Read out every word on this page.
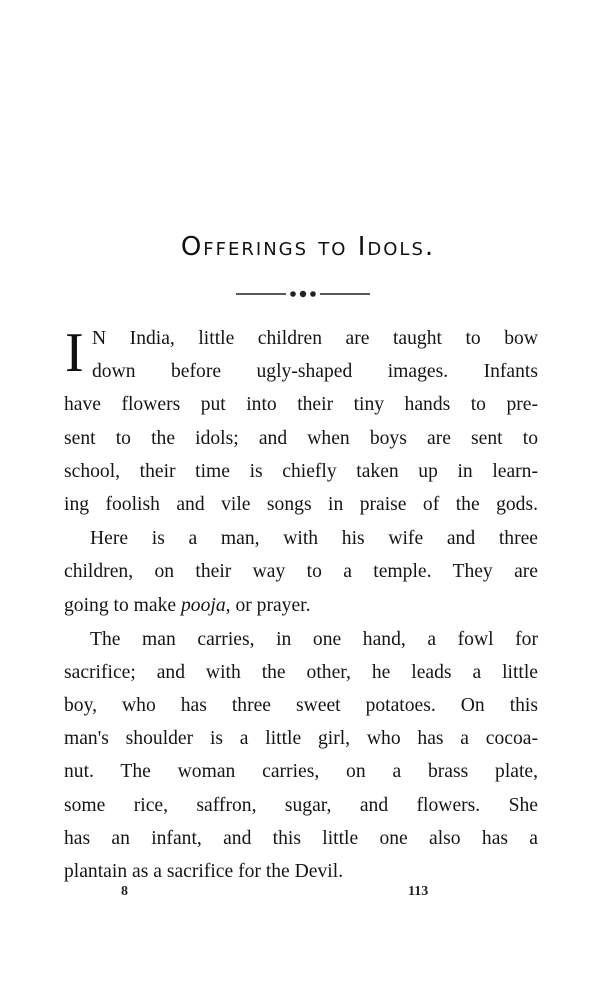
Offerings to Idols.
I N India, little children are taught to bow
down before ugly-shaped images. Infants
have flowers put into their tiny hands to pre-
sent to the idols; and when boys are sent to
school, their time is chiefly taken up in learn-
ing foolish and vile songs in praise of the gods.
Here is a man, with his wife and three
children, on their way to a temple. They are
going to make pooja, or prayer.
The man carries, in one hand, a fowl for
sacrifice; and with the other, he leads a little
boy, who has three sweet potatoes. On this
man's shoulder is a little girl, who has a cocoa-
nut. The woman carries, on a brass plate,
some rice, saffron, sugar, and flowers. She
has an infant, and this little one also has a
plantain as a sacrifice for the Devil.
8	113
